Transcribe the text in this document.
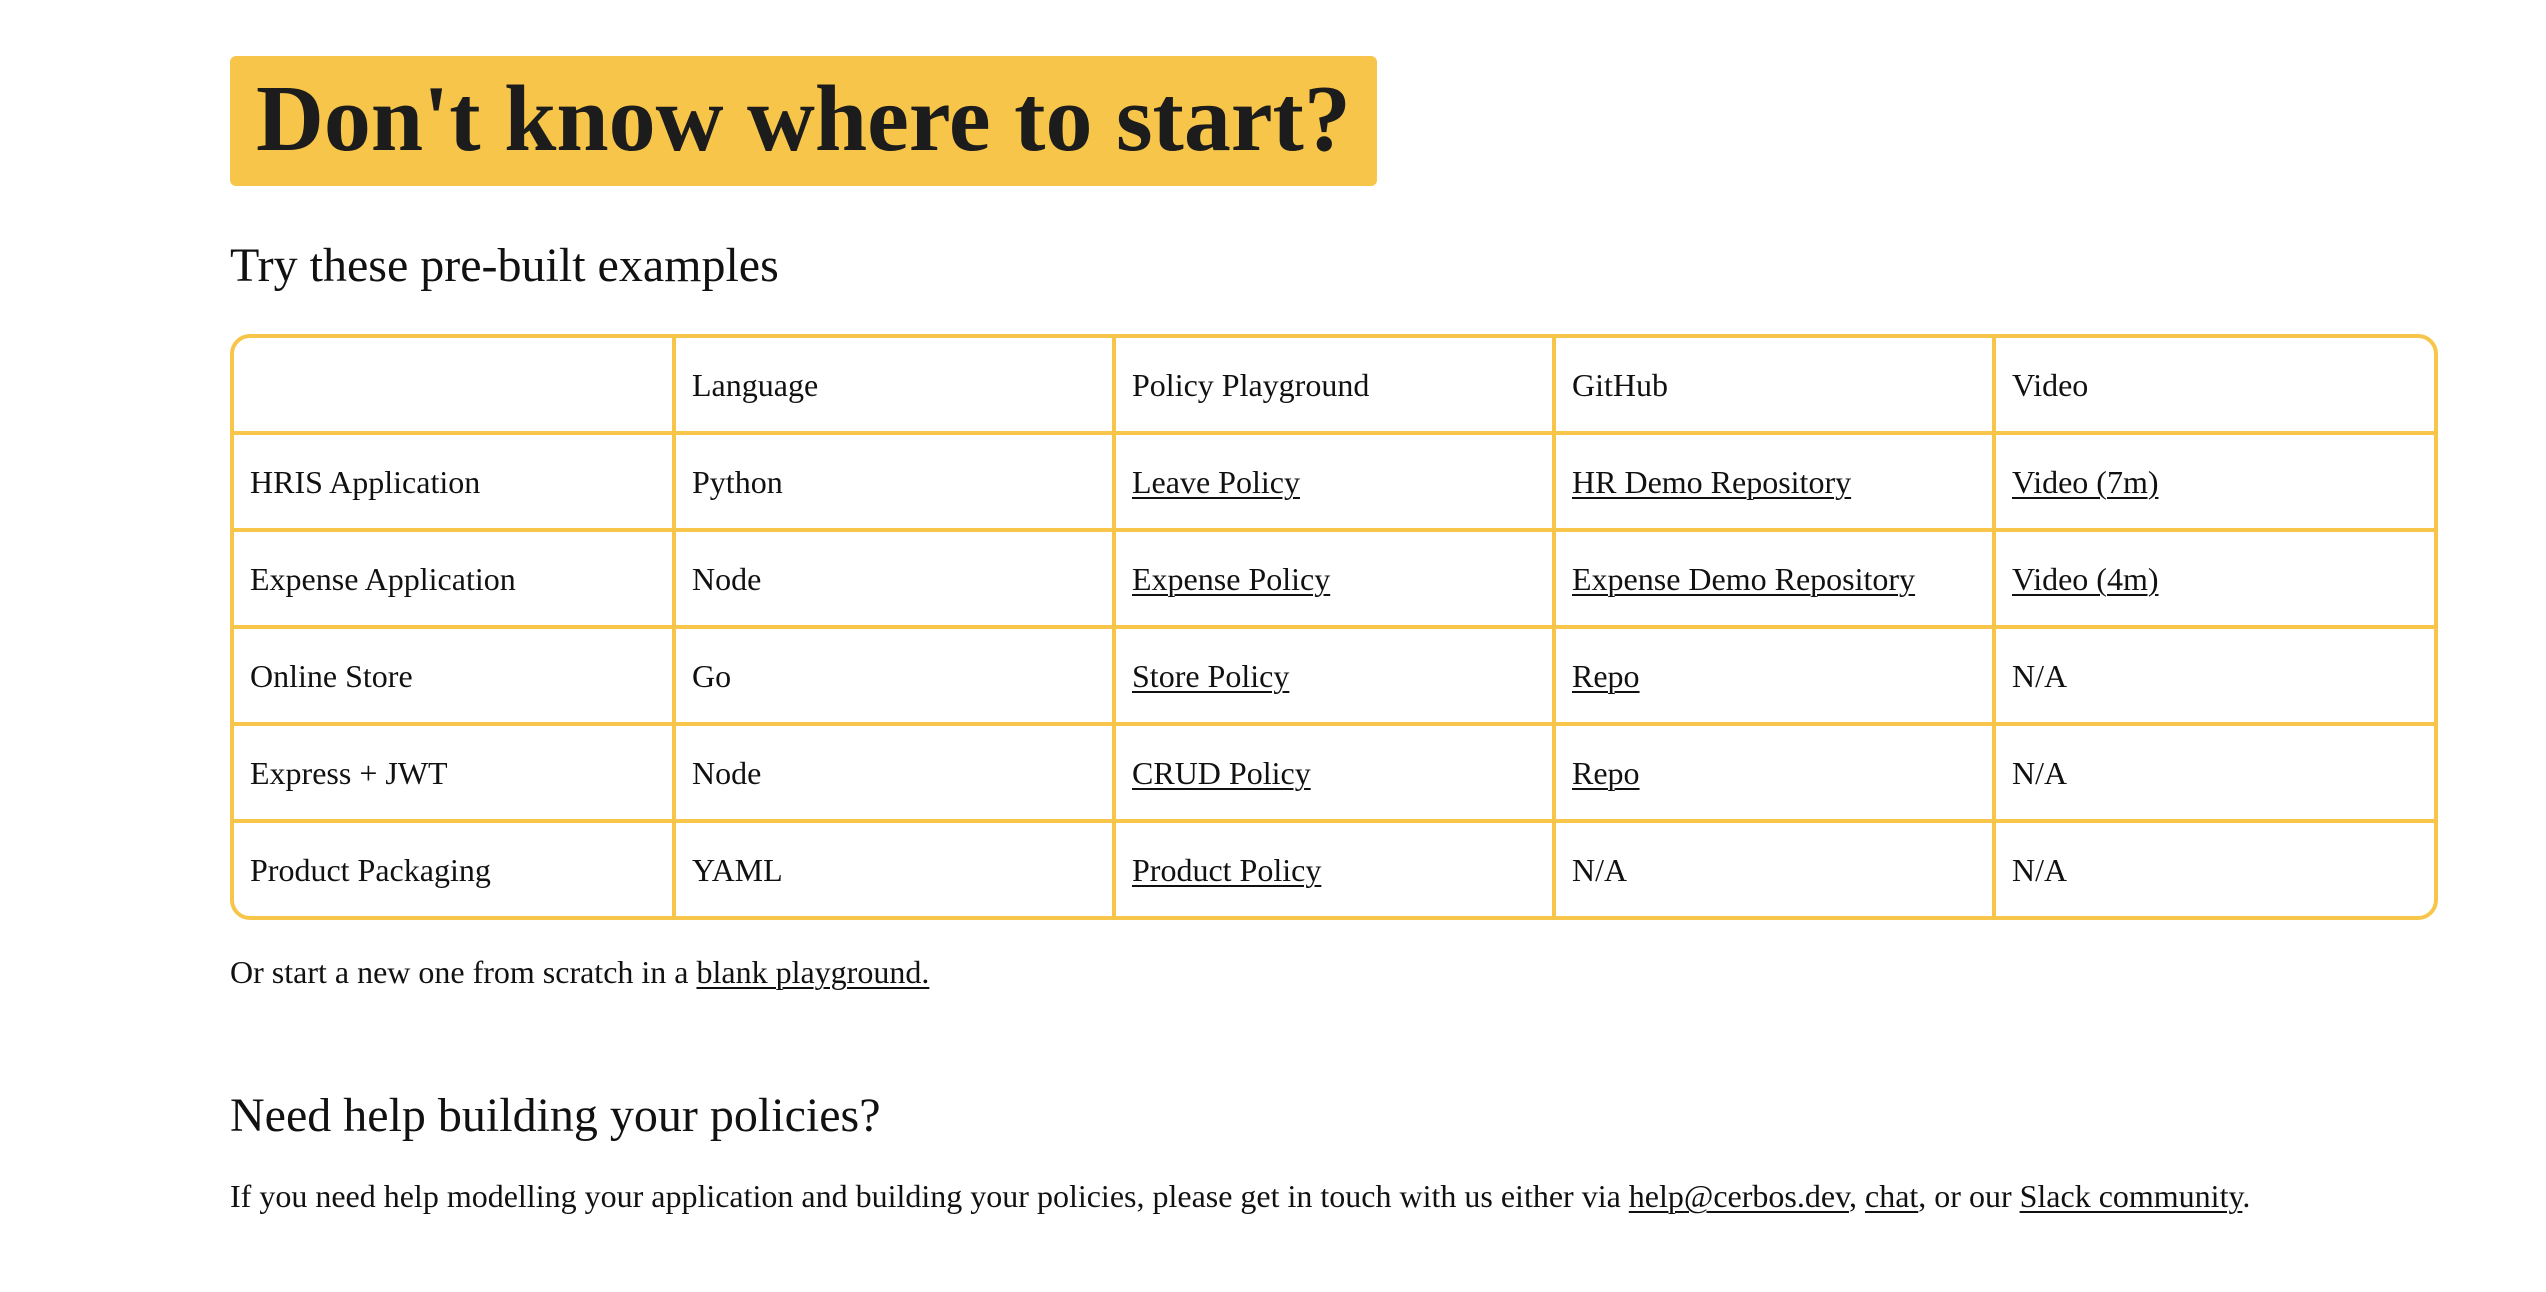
Don't know where to start?
Try these pre-built examples
	Language	Policy Playground	GitHub	Video
HRIS Application	Python	Leave Policy	HR Demo Repository	Video (7m)
Expense Application	Node	Expense Policy	Expense Demo Repository	Video (4m)
Online Store	Go	Store Policy	Repo	N/A
Express + JWT	Node	CRUD Policy	Repo	N/A
Product Packaging	YAML	Product Policy	N/A	N/A

Or start a new one from scratch in a blank playground.

Need help building your policies?

If you need help modelling your application and building your policies, please get in touch with us either via help@cerbos.dev, chat, or our Slack community.
